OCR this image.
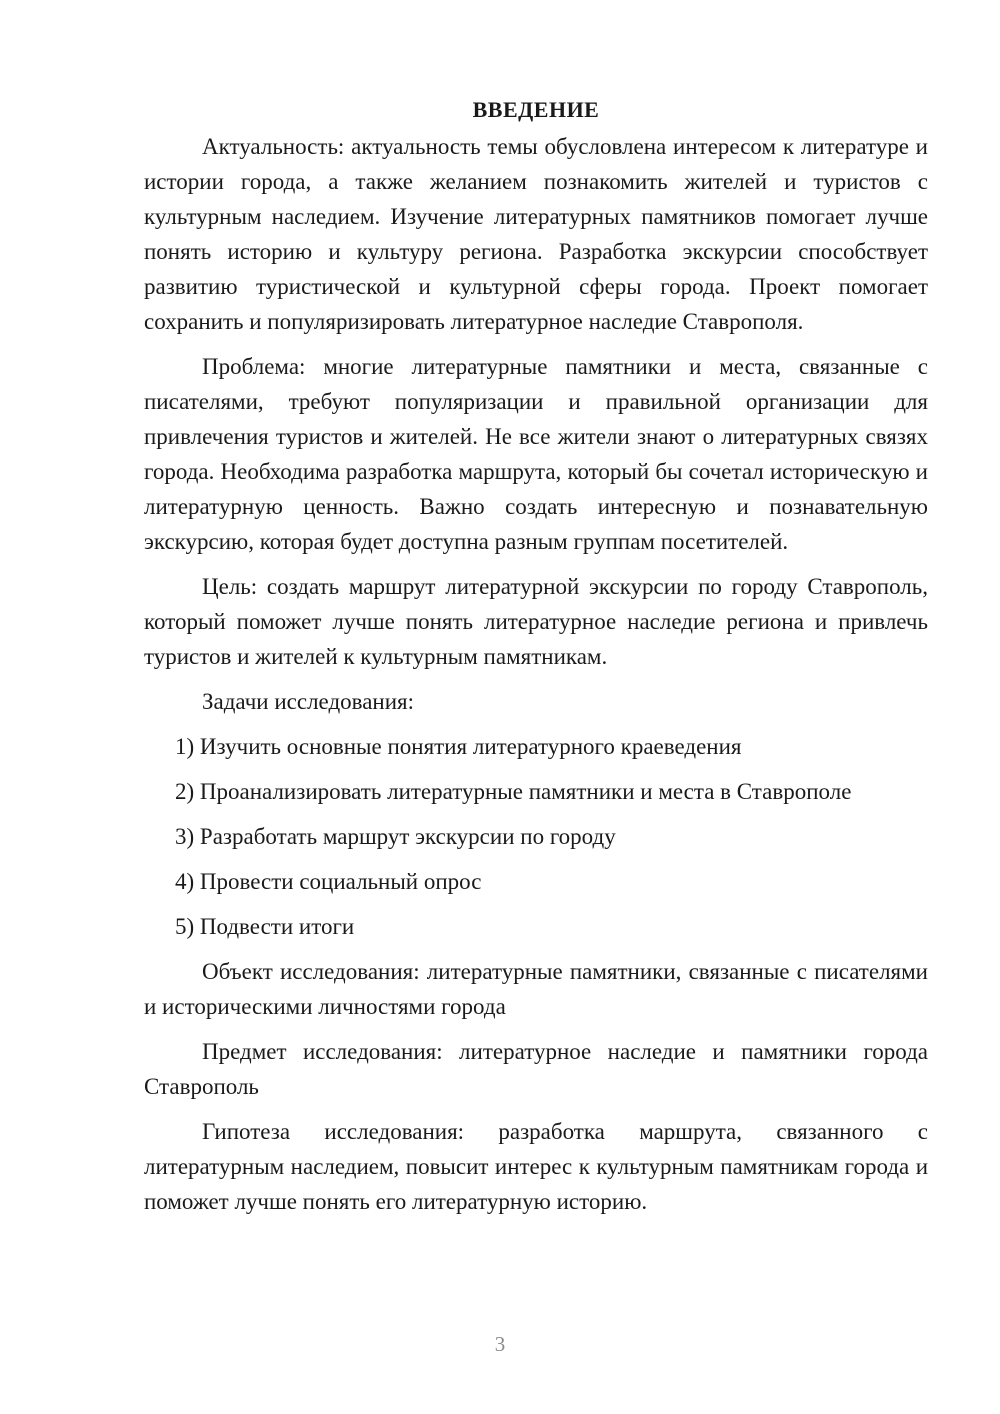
ВВЕДЕНИЕ

Актуальность: актуальность темы обусловлена интересом к литературе и истории города, а также желанием познакомить жителей и туристов с культурным наследием. Изучение литературных памятников помогает лучше понять историю и культуру региона. Разработка экскурсии способствует развитию туристической и культурной сферы города. Проект помогает сохранить и популяризировать литературное наследие Ставрополя.

Проблема: многие литературные памятники и места, связанные с писателями, требуют популяризации и правильной организации для привлечения туристов и жителей. Не все жители знают о литературных связях города. Необходима разработка маршрута, который бы сочетал историческую и литературную ценность. Важно создать интересную и познавательную экскурсию, которая будет доступна разным группам посетителей.

Цель: создать маршрут литературной экскурсии по городу Ставрополь, который поможет лучше понять литературное наследие региона и привлечь туристов и жителей к культурным памятникам.

Задачи исследования:

1) Изучить основные понятия литературного краеведения
2) Проанализировать литературные памятники и места в Ставрополе
3) Разработать маршрут экскурсии по городу
4) Провести социальный опрос
5) Подвести итоги

Объект исследования: литературные памятники, связанные с писателями и историческими личностями города

Предмет исследования: литературное наследие и памятники города Ставрополь

Гипотеза исследования: разработка маршрута, связанного с литературным наследием, повысит интерес к культурным памятникам города и поможет лучше понять его литературную историю.

3
